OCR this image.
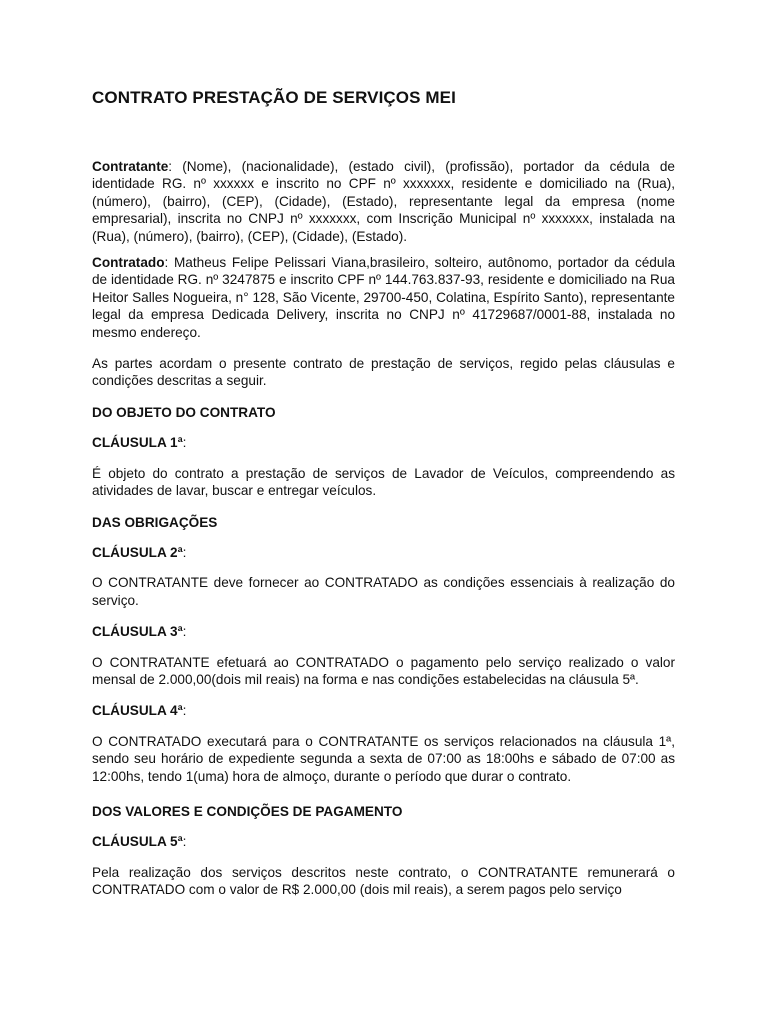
CONTRATO PRESTAÇÃO DE SERVIÇOS MEI

Contratante: (Nome), (nacionalidade), (estado civil), (profissão), portador da cédula de identidade RG. nº xxxxxx e inscrito no CPF nº xxxxxxx, residente e domiciliado na (Rua), (número), (bairro), (CEP), (Cidade), (Estado), representante legal da empresa (nome empresarial), inscrita no CNPJ nº xxxxxxx, com Inscrição Municipal nº xxxxxxx, instalada na (Rua), (número), (bairro), (CEP), (Cidade), (Estado).

Contratado: Matheus Felipe Pelissari Viana,brasileiro, solteiro, autônomo, portador da cédula de identidade RG. nº 3247875 e inscrito CPF nº 144.763.837-93, residente e domiciliado na Rua Heitor Salles Nogueira, n° 128, São Vicente, 29700-450, Colatina, Espírito Santo), representante legal da empresa Dedicada Delivery, inscrita no CNPJ nº 41729687/0001-88, instalada no mesmo endereço.

As partes acordam o presente contrato de prestação de serviços, regido pelas cláusulas e condições descritas a seguir.

DO OBJETO DO CONTRATO
CLÁUSULA 1ª:

É objeto do contrato a prestação de serviços de Lavador de Veículos, compreendendo as atividades de lavar, buscar e entregar veículos.

DAS OBRIGAÇÕES
CLÁUSULA 2ª:

O CONTRATANTE deve fornecer ao CONTRATADO as condições essenciais à realização do serviço.

CLÁUSULA 3ª:

O CONTRATANTE efetuará ao CONTRATADO o pagamento pelo serviço realizado o valor mensal de 2.000,00(dois mil reais) na forma e nas condições estabelecidas na cláusula 5ª.

CLÁUSULA 4ª:

O CONTRATADO executará para o CONTRATANTE os serviços relacionados na cláusula 1ª, sendo seu horário de expediente segunda a sexta de 07:00 as 18:00hs e sábado de 07:00 as 12:00hs, tendo 1(uma) hora de almoço, durante o período que durar o contrato.

DOS VALORES E CONDIÇÕES DE PAGAMENTO
CLÁUSULA 5ª:

Pela realização dos serviços descritos neste contrato, o CONTRATANTE remunerará o CONTRATADO com o valor de R$ 2.000,00 (dois mil reais), a serem pagos pelo serviço
